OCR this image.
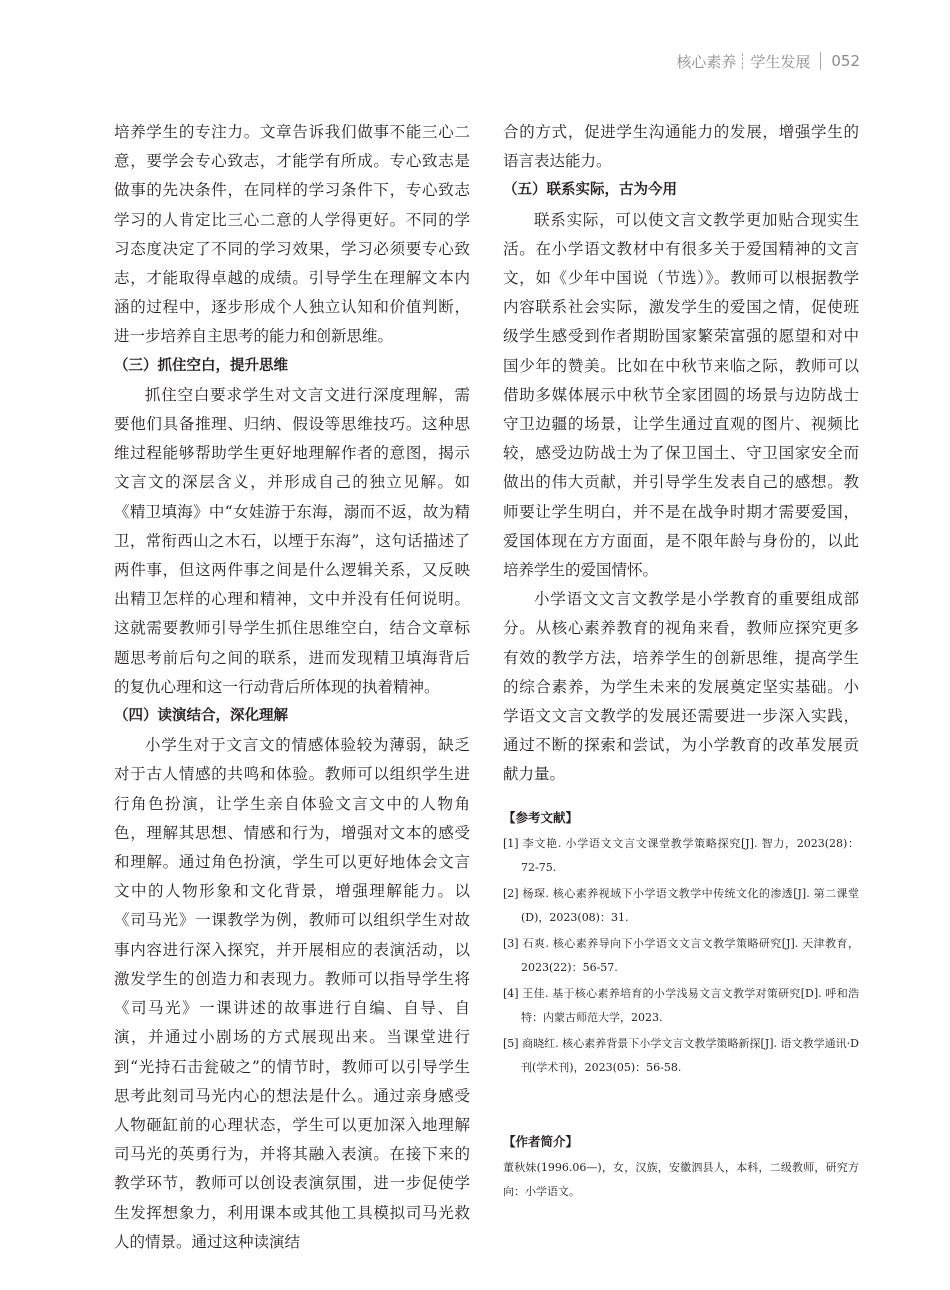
核心素养 学生发展 052

培养学生的专注力。文章告诉我们做事不能三心二意，要学会专心致志，才能学有所成。专心致志是做事的先决条件，在同样的学习条件下，专心致志学习的人肯定比三心二意的人学得更好。不同的学习态度决定了不同的学习效果，学习必须要专心致志，才能取得卓越的成绩。引导学生在理解文本内涵的过程中，逐步形成个人独立认知和价值判断，进一步培养自主思考的能力和创新思维。

（三）抓住空白，提升思维

抓住空白要求学生对文言文进行深度理解，需要他们具备推理、归纳、假设等思维技巧。这种思维过程能够帮助学生更好地理解作者的意图，揭示文言文的深层含义，并形成自己的独立见解。如《精卫填海》中“女娃游于东海，溺而不返，故为精卫，常衔西山之木石，以堙于东海”，这句话描述了两件事，但这两件事之间是什么逻辑关系，又反映出精卫怎样的心理和精神，文中并没有任何说明。这就需要教师引导学生抓住思维空白，结合文章标题思考前后句之间的联系，进而发现精卫填海背后的复仇心理和这一行动背后所体现的执着精神。

（四）读演结合，深化理解

小学生对于文言文的情感体验较为薄弱，缺乏对于古人情感的共鸣和体验。教师可以组织学生进行角色扮演，让学生亲自体验文言文中的人物角色，理解其思想、情感和行为，增强对文本的感受和理解。通过角色扮演，学生可以更好地体会文言文中的人物形象和文化背景，增强理解能力。以《司马光》一课教学为例，教师可以组织学生对故事内容进行深入探究，并开展相应的表演活动，以激发学生的创造力和表现力。教师可以指导学生将《司马光》一课讲述的故事进行自编、自导、自演，并通过小剧场的方式展现出来。当课堂进行到“光持石击瓮破之”的情节时，教师可以引导学生思考此刻司马光内心的想法是什么。通过亲身感受人物砸缸前的心理状态，学生可以更加深入地理解司马光的英勇行为，并将其融入表演。在接下来的教学环节，教师可以创设表演氛围，进一步促使学生发挥想象力，利用课本或其他工具模拟司马光救人的情景。通过这种读演结

合的方式，促进学生沟通能力的发展，增强学生的语言表达能力。

（五）联系实际，古为今用

联系实际，可以使文言文教学更加贴合现实生活。在小学语文教材中有很多关于爱国精神的文言文，如《少年中国说（节选）》。教师可以根据教学内容联系社会实际，激发学生的爱国之情，促使班级学生感受到作者期盼国家繁荣富强的愿望和对中国少年的赞美。比如在中秋节来临之际，教师可以借助多媒体展示中秋节全家团圆的场景与边防战士守卫边疆的场景，让学生通过直观的图片、视频比较，感受边防战士为了保卫国土、守卫国家安全而做出的伟大贡献，并引导学生发表自己的感想。教师要让学生明白，并不是在战争时期才需要爱国，爱国体现在方方面面，是不限年龄与身份的，以此培养学生的爱国情怀。

小学语文文言文教学是小学教育的重要组成部分。从核心素养教育的视角来看，教师应探究更多有效的教学方法，培养学生的创新思维，提高学生的综合素养，为学生未来的发展奠定坚实基础。小学语文文言文教学的发展还需要进一步深入实践，通过不断的探索和尝试，为小学教育的改革发展贡献力量。

【参考文献】
[1] 李文艳. 小学语文文言文课堂教学策略探究[J]. 智力，2023(28)：72-75.
[2] 杨琛. 核心素养视域下小学语文教学中传统文化的渗透[J]. 第二课堂(D)，2023(08)：31.
[3] 石爽. 核心素养导向下小学语文文言文教学策略研究[J]. 天津教育，2023(22)：56-57.
[4] 王佳. 基于核心素养培育的小学浅易文言文教学对策研究[D]. 呼和浩特：内蒙古师范大学，2023.
[5] 商晓红. 核心素养背景下小学文言文教学策略新探[J]. 语文教学通讯·D刊(学术刊)，2023(05)：56-58.
【作者简介】

董秋妹(1996.06—)，女，汉族，安徽泗县人，本科，二级教师，研究方向：小学语文。
